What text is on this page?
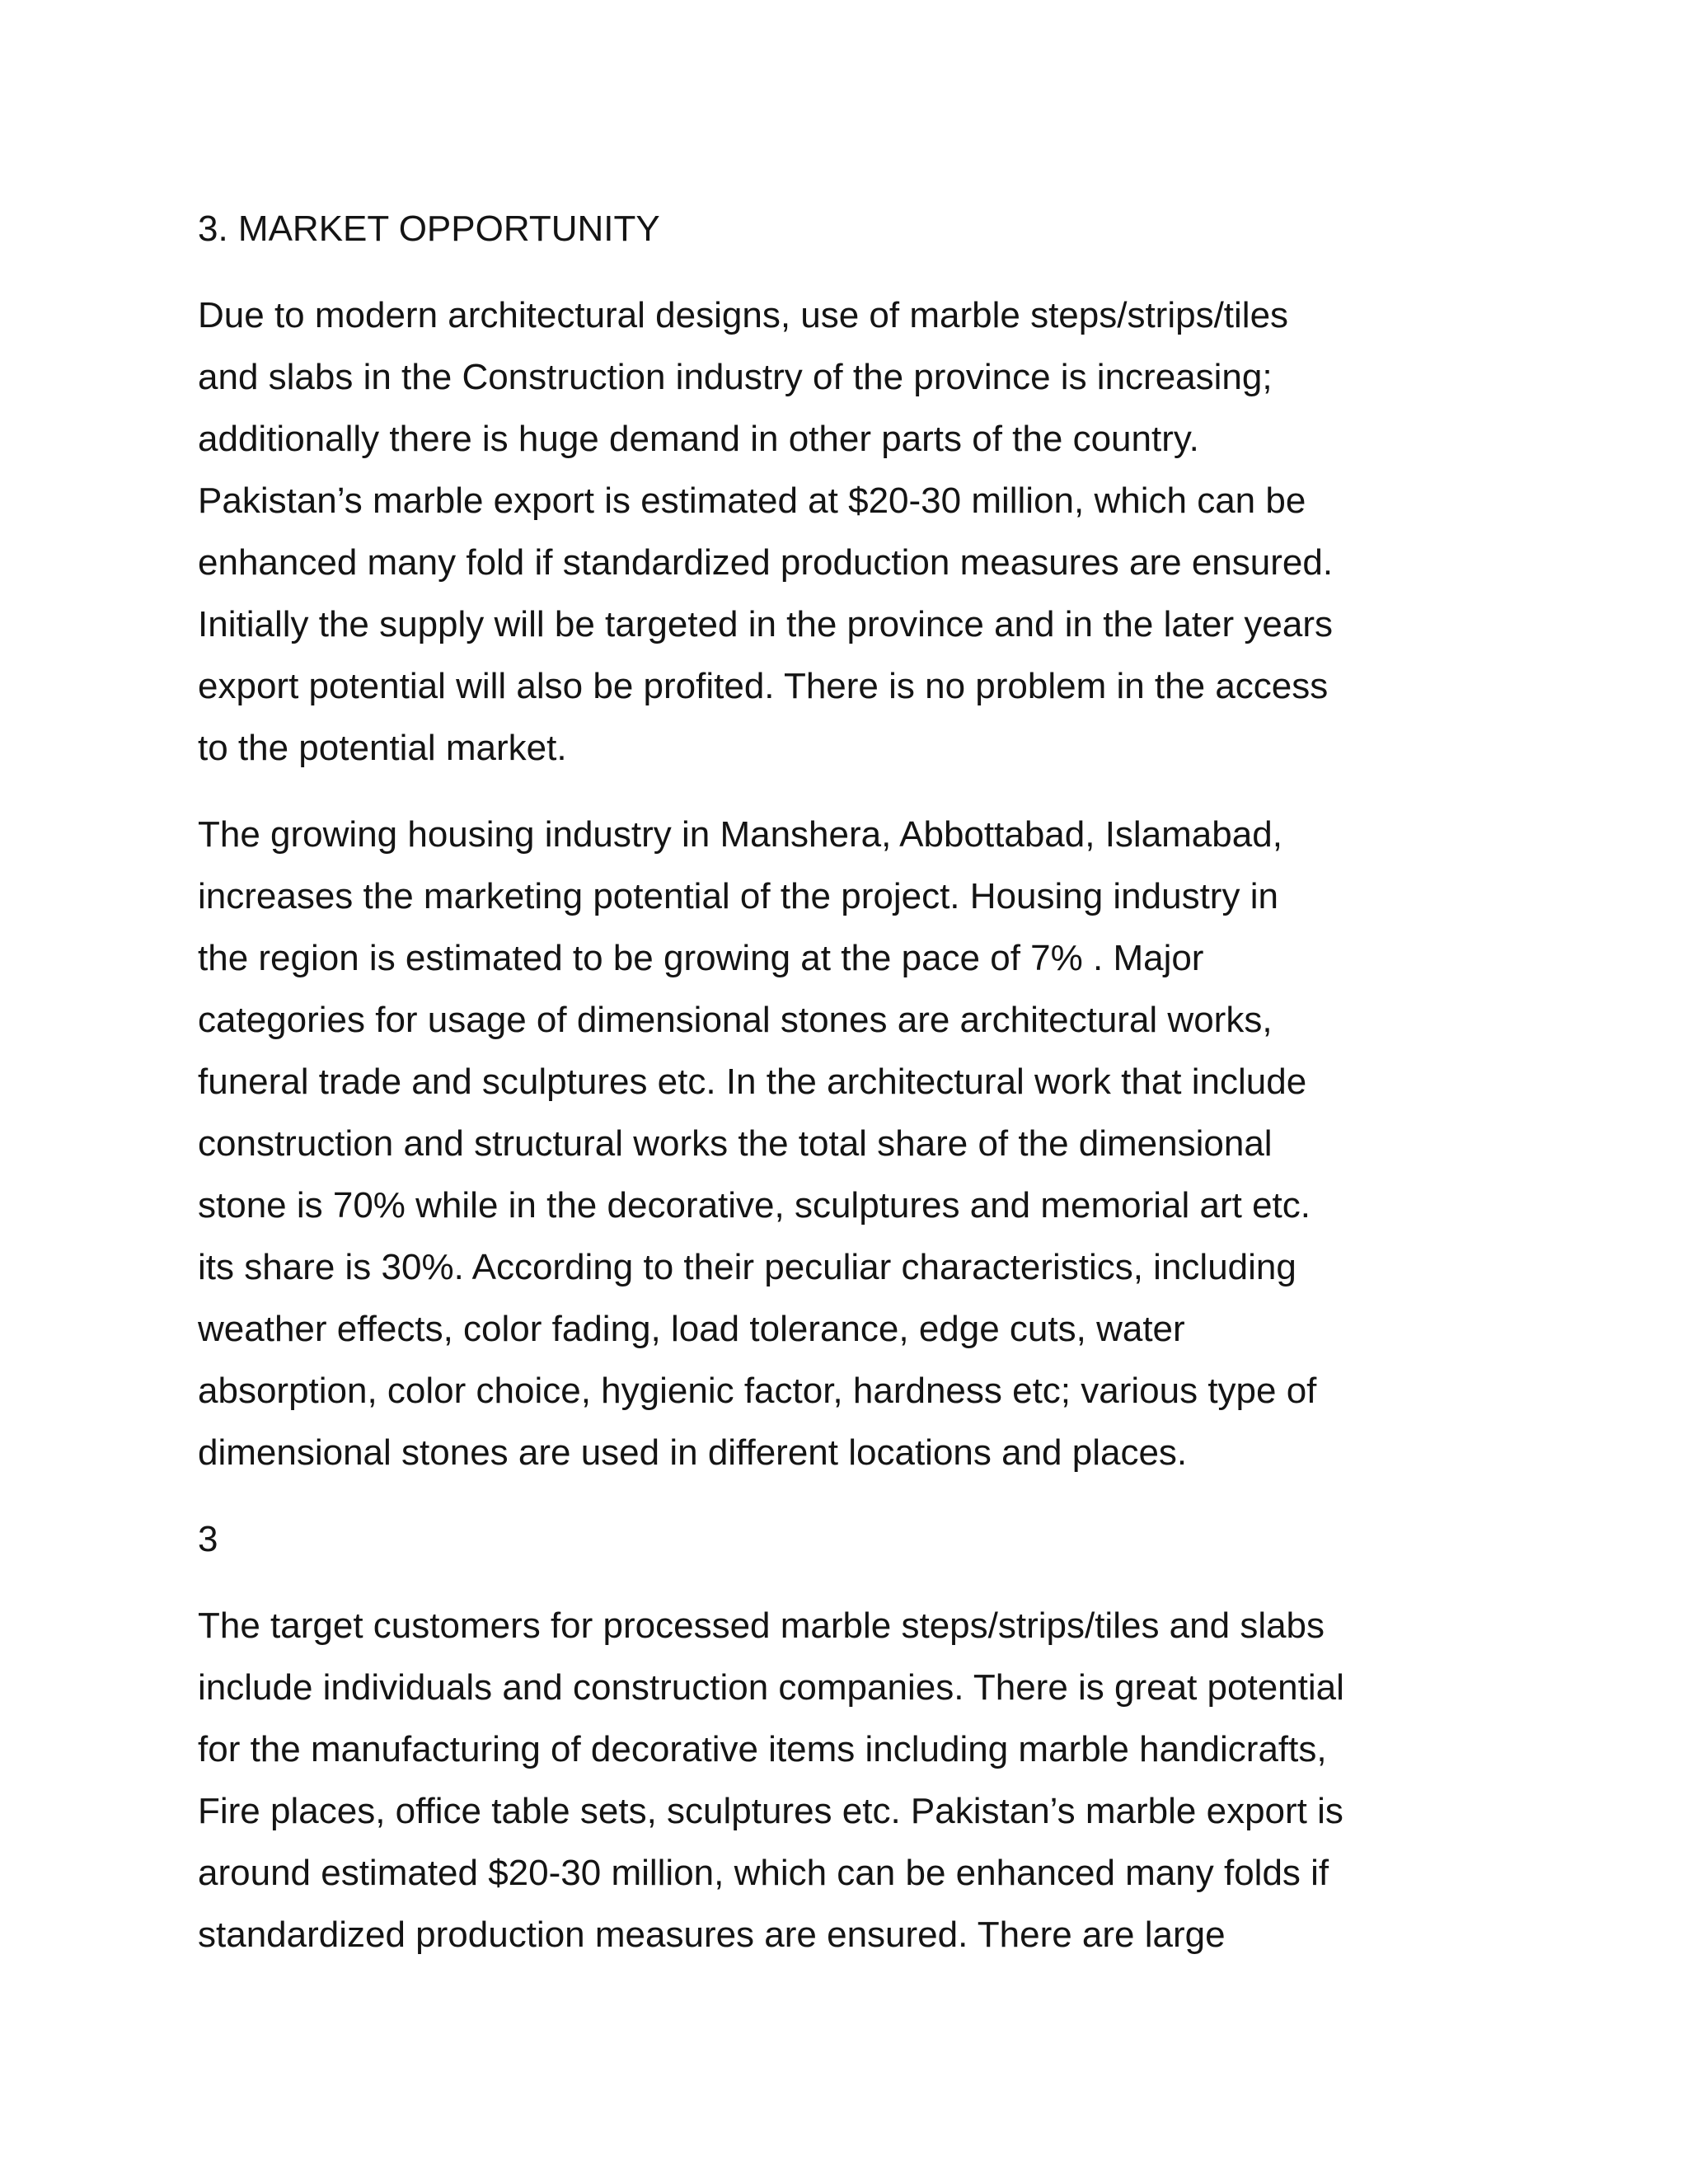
3. MARKET OPPORTUNITY
Due to modern architectural designs, use of marble steps/strips/tiles
and slabs in the Construction industry of the province is increasing;
additionally there is huge demand in other parts of the country.
Pakistan’s marble export is estimated at $20-30 million, which can be
enhanced many fold if standardized production measures are ensured.
Initially the supply will be targeted in the province and in the later years
export potential will also be profited. There is no problem in the access
to the potential market.
The growing housing industry in Manshera, Abbottabad, Islamabad,
increases the marketing potential of the project. Housing industry in
the region is estimated to be growing at the pace of 7% . Major
categories for usage of dimensional stones are architectural works,
funeral trade and sculptures etc. In the architectural work that include
construction and structural works the total share of the dimensional
stone is 70% while in the decorative, sculptures and memorial art etc.
its share is 30%. According to their peculiar characteristics, including
weather effects, color fading, load tolerance, edge cuts, water
absorption, color choice, hygienic factor, hardness etc; various type of
dimensional stones are used in different locations and places.
3
The target customers for processed marble steps/strips/tiles and slabs
include individuals and construction companies. There is great potential
for the manufacturing of decorative items including marble handicrafts,
Fire places, office table sets, sculptures etc. Pakistan’s marble export is
around estimated $20-30 million, which can be enhanced many folds if
standardized production measures are ensured. There are large
